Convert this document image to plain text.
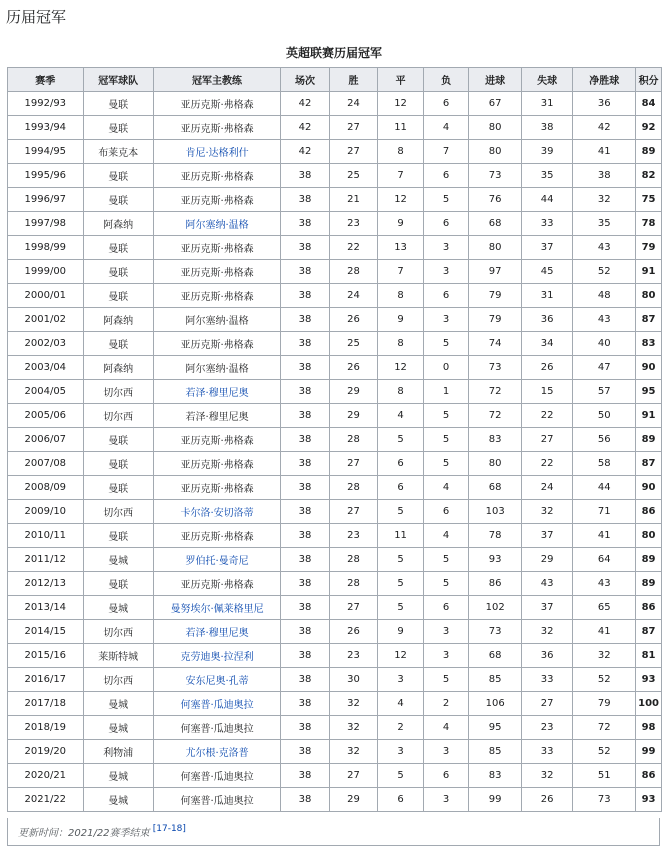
历届冠军
英超联赛历届冠军
赛季	冠军球队	冠军主教练	场次	胜	平	负	进球	失球	净胜球	积分
1992/93	曼联	亚历克斯·弗格森	42	24	12	6	67	31	36	84
1993/94	曼联	亚历克斯·弗格森	42	27	11	4	80	38	42	92
1994/95	布莱克本	肯尼·达格利什	42	27	8	7	80	39	41	89
1995/96	曼联	亚历克斯·弗格森	38	25	7	6	73	35	38	82
1996/97	曼联	亚历克斯·弗格森	38	21	12	5	76	44	32	75
1997/98	阿森纳	阿尔塞纳·温格	38	23	9	6	68	33	35	78
1998/99	曼联	亚历克斯·弗格森	38	22	13	3	80	37	43	79
1999/00	曼联	亚历克斯·弗格森	38	28	7	3	97	45	52	91
2000/01	曼联	亚历克斯·弗格森	38	24	8	6	79	31	48	80
2001/02	阿森纳	阿尔塞纳·温格	38	26	9	3	79	36	43	87
2002/03	曼联	亚历克斯·弗格森	38	25	8	5	74	34	40	83
2003/04	阿森纳	阿尔塞纳·温格	38	26	12	0	73	26	47	90
2004/05	切尔西	若泽·穆里尼奥	38	29	8	1	72	15	57	95
2005/06	切尔西	若泽·穆里尼奥	38	29	4	5	72	22	50	91
2006/07	曼联	亚历克斯·弗格森	38	28	5	5	83	27	56	89
2007/08	曼联	亚历克斯·弗格森	38	27	6	5	80	22	58	87
2008/09	曼联	亚历克斯·弗格森	38	28	6	4	68	24	44	90
2009/10	切尔西	卡尔洛·安切洛蒂	38	27	5	6	103	32	71	86
2010/11	曼联	亚历克斯·弗格森	38	23	11	4	78	37	41	80
2011/12	曼城	罗伯托·曼奇尼	38	28	5	5	93	29	64	89
2012/13	曼联	亚历克斯·弗格森	38	28	5	5	86	43	43	89
2013/14	曼城	曼努埃尔·佩莱格里尼	38	27	5	6	102	37	65	86
2014/15	切尔西	若泽·穆里尼奥	38	26	9	3	73	32	41	87
2015/16	莱斯特城	克劳迪奥·拉涅利	38	23	12	3	68	36	32	81
2016/17	切尔西	安东尼奥·孔蒂	38	30	3	5	85	33	52	93
2017/18	曼城	何塞普·瓜迪奥拉	38	32	4	2	106	27	79	100
2018/19	曼城	何塞普·瓜迪奥拉	38	32	2	4	95	23	72	98
2019/20	利物浦	尤尔根·克洛普	38	32	3	3	85	33	52	99
2020/21	曼城	何塞普·瓜迪奥拉	38	27	5	6	83	32	51	86
2021/22	曼城	何塞普·瓜迪奥拉	38	29	6	3	99	26	73	93
更新时间：2021/22赛季结束 [17-18]
